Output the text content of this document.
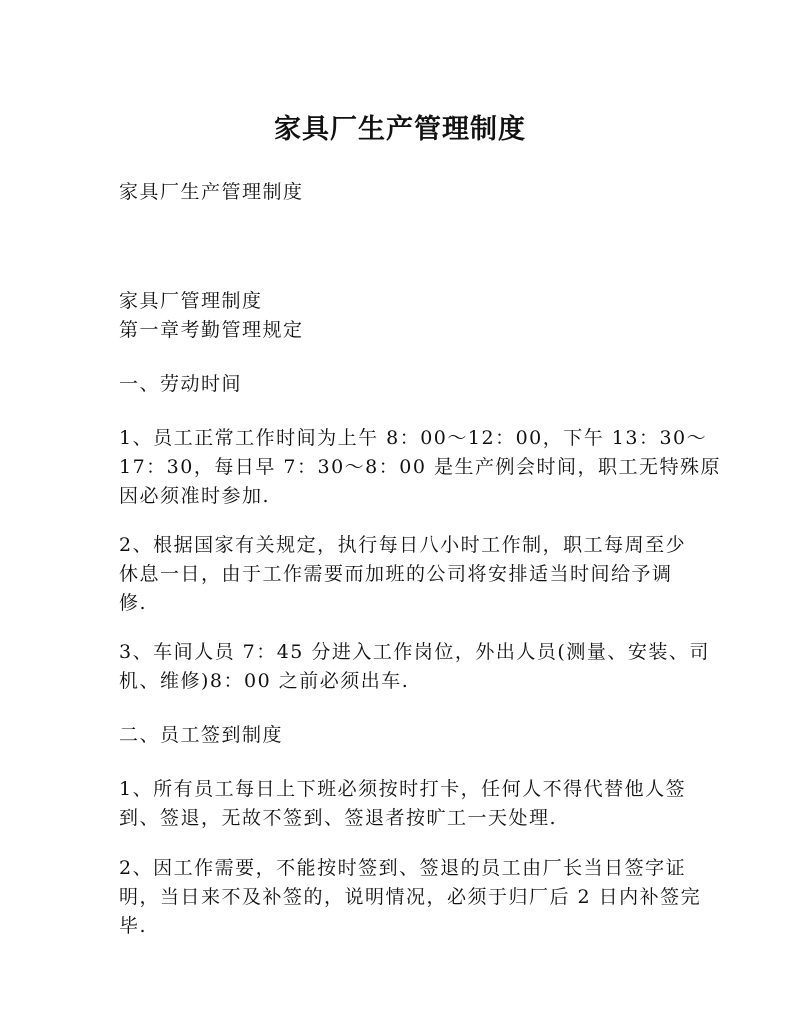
家具厂生产管理制度
家具厂生产管理制度
家具厂管理制度
第一章考勤管理规定
一、劳动时间
1、员工正常工作时间为上午 8：00～12：00，下午 13：30～
17：30，每日早 7：30～8：00 是生产例会时间，职工无特殊原
因必须准时参加.
2、根据国家有关规定，执行每日八小时工作制，职工每周至少
休息一日，由于工作需要而加班的公司将安排适当时间给予调
修.
3、车间人员 7：45 分进入工作岗位，外出人员(测量、安装、司
机、维修)8：00 之前必须出车.
二、员工签到制度
1、所有员工每日上下班必须按时打卡，任何人不得代替他人签
到、签退，无故不签到、签退者按旷工一天处理.
2、因工作需要，不能按时签到、签退的员工由厂长当日签字证
明，当日来不及补签的，说明情况，必须于归厂后 2 日内补签完
毕.
